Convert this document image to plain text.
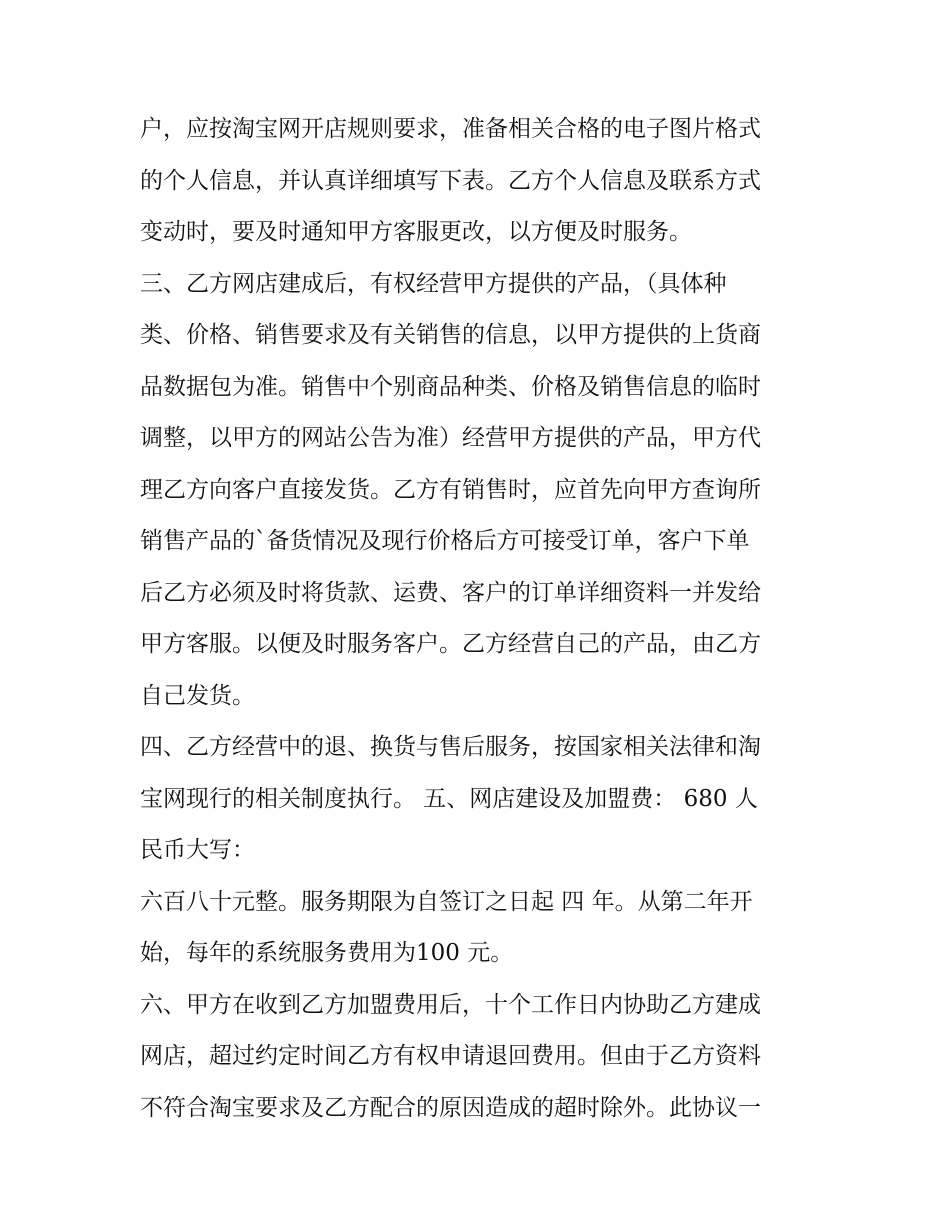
户，应按淘宝网开店规则要求，准备相关合格的电子图片格式
的个人信息，并认真详细填写下表。乙方个人信息及联系方式
变动时，要及时通知甲方客服更改，以方便及时服务。
三、乙方网店建成后，有权经营甲方提供的产品，（具体种
类、价格、销售要求及有关销售的信息，以甲方提供的上货商
品数据包为准。销售中个别商品种类、价格及销售信息的临时
调整，以甲方的网站公告为准）经营甲方提供的产品，甲方代
理乙方向客户直接发货。乙方有销售时，应首先向甲方查询所
销售产品的`备货情况及现行价格后方可接受订单，客户下单
后乙方必须及时将货款、运费、客户的订单详细资料一并发给
甲方客服。以便及时服务客户。乙方经营自己的产品，由乙方
自己发货。
四、乙方经营中的退、换货与售后服务，按国家相关法律和淘
宝网现行的相关制度执行。 五、网店建设及加盟费： 680 人
民币大写：
六百八十元整。服务期限为自签订之日起 四 年。从第二年开
始，每年的系统服务费用为100 元。
六、甲方在收到乙方加盟费用后，十个工作日内协助乙方建成
网店，超过约定时间乙方有权申请退回费用。但由于乙方资料
不符合淘宝要求及乙方配合的原因造成的超时除外。此协议一
